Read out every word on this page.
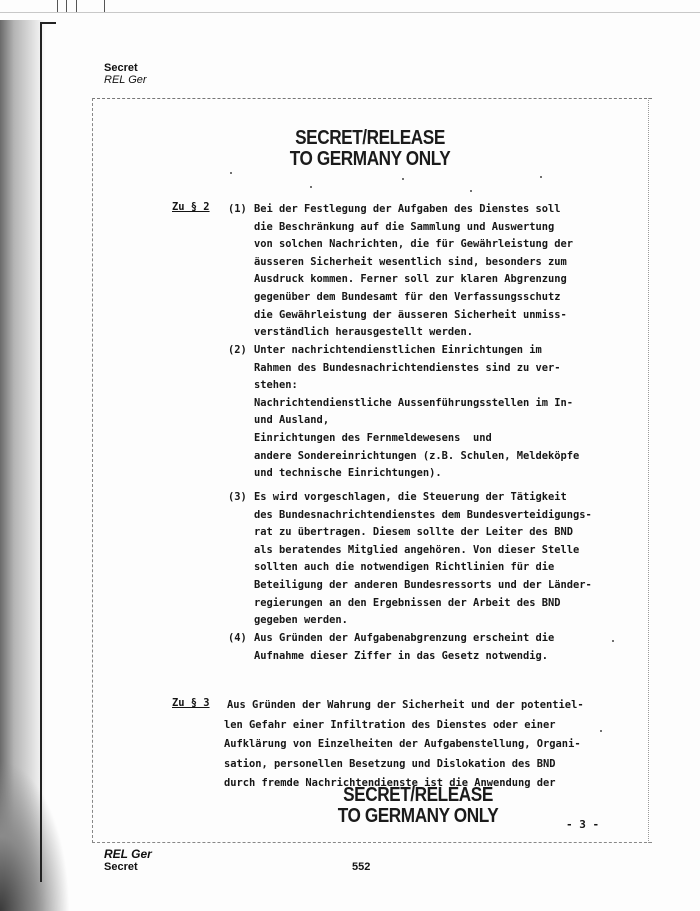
Secret
REL Ger
SECRET/RELEASE
TO GERMANY ONLY
Zu § 2 (1) Bei der Festlegung der Aufgaben des Dienstes soll
die Beschränkung auf die Sammlung und Auswertung
von solchen Nachrichten, die für Gewährleistung der
äusseren Sicherheit wesentlich sind, besonders zum
Ausdruck kommen. Ferner soll zur klaren Abgrenzung
gegenüber dem Bundesamt für den Verfassungsschutz
die Gewährleistung der äusseren Sicherheit unmiss-
verständlich herausgestellt werden.
(2) Unter nachrichtendienstlichen Einrichtungen im
Rahmen des Bundesnachrichtendienstes sind zu ver-
stehen:
Nachrichtendienstliche Aussenführungsstellen im In-
und Ausland,
Einrichtungen des Fernmeldewesens  und
andere Sondereinrichtungen (z.B. Schulen, Meldeköpfe
und technische Einrichtungen).
(3) Es wird vorgeschlagen, die Steuerung der Tätigkeit
des Bundesnachrichtendienstes dem Bundesverteidigungs-
rat zu übertragen. Diesem sollte der Leiter des BND
als beratendes Mitglied angehören. Von dieser Stelle
sollten auch die notwendigen Richtlinien für die
Beteiligung der anderen Bundesressorts und der Länder-
regierungen an den Ergebnissen der Arbeit des BND
gegeben werden.
(4) Aus Gründen der Aufgabenabgrenzung erscheint die
Aufnahme dieser Ziffer in das Gesetz notwendig.
Zu § 3 Aus Gründen der Wahrung der Sicherheit und der potentiel-
len Gefahr einer Infiltration des Dienstes oder einer
Aufklärung von Einzelheiten der Aufgabenstellung, Organi-
sation, personellen Besetzung und Dislokation des BND
durch fremde Nachrichtendienste ist die Anwendung der
SECRET/RELEASE
TO GERMANY ONLY	- 3 -
REL Ger
Secret	552
